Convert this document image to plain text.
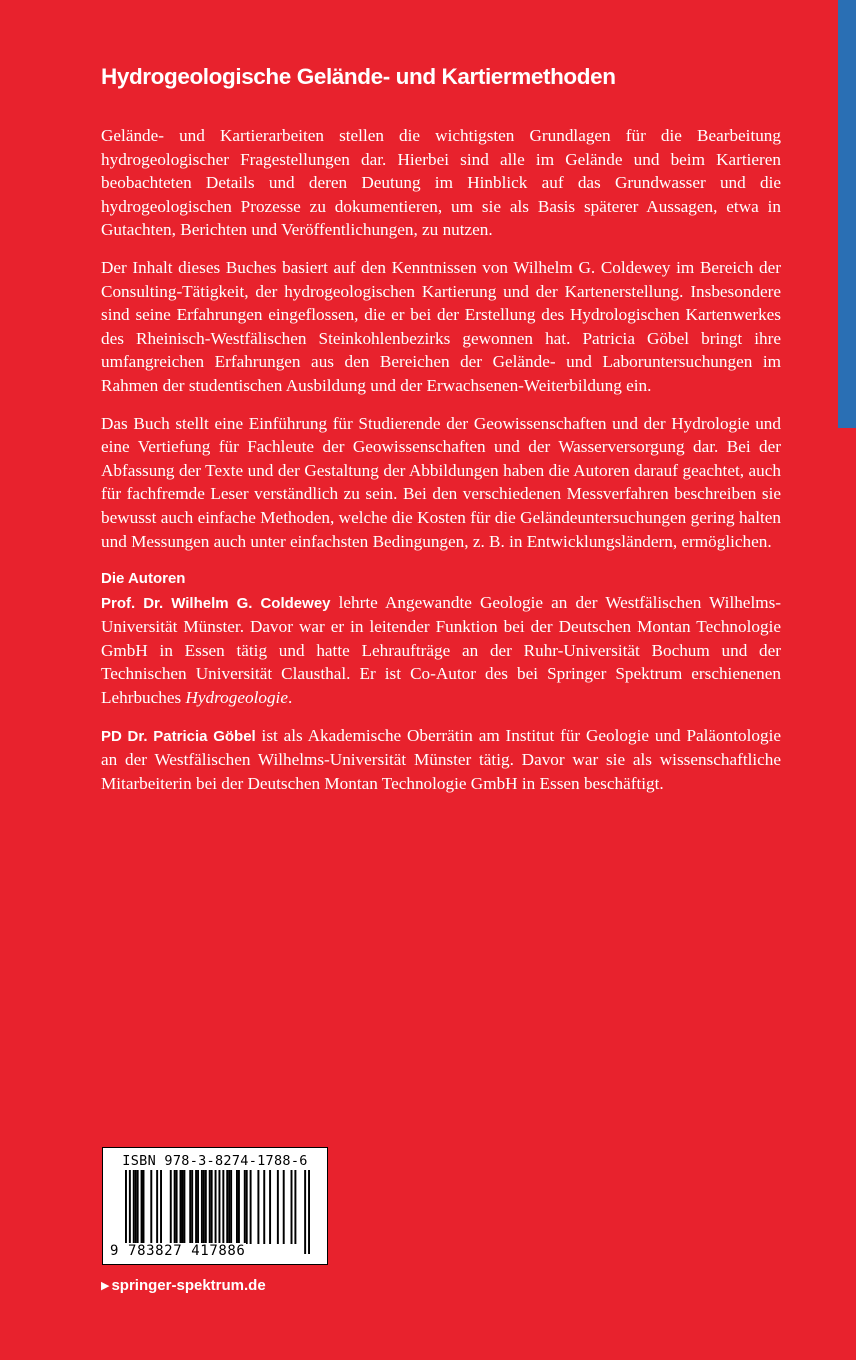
Hydrogeologische Gelände- und Kartiermethoden

Gelände- und Kartierarbeiten stellen die wichtigsten Grundlagen für die Bearbeitung hydrogeologischer Fragestellungen dar. Hierbei sind alle im Gelände und beim Kartieren beobachteten Details und deren Deutung im Hinblick auf das Grundwasser und die hydrogeologischen Prozesse zu dokumentieren, um sie als Basis späterer Aussagen, etwa in Gutachten, Berichten und Veröffentlichungen, zu nutzen.

Der Inhalt dieses Buches basiert auf den Kenntnissen von Wilhelm G. Coldewey im Bereich der Consulting-Tätigkeit, der hydrogeologischen Kartierung und der Kartenerstellung. Insbesondere sind seine Erfahrungen eingeflossen, die er bei der Erstellung des Hydrologischen Kartenwerkes des Rheinisch-Westfälischen Steinkohlenbezirks gewonnen hat. Patricia Göbel bringt ihre umfangreichen Erfahrungen aus den Bereichen der Gelände- und Laboruntersuchungen im Rahmen der studentischen Ausbildung und der Erwachsenen-Weiterbildung ein.

Das Buch stellt eine Einführung für Studierende der Geowissenschaften und der Hydrologie und eine Vertiefung für Fachleute der Geowissenschaften und der Wasserversorgung dar. Bei der Abfassung der Texte und der Gestaltung der Abbildungen haben die Autoren darauf geachtet, auch für fachfremde Leser verständlich zu sein. Bei den verschiedenen Messverfahren beschreiben sie bewusst auch einfache Methoden, welche die Kosten für die Geländeuntersuchungen gering halten und Messungen auch unter einfachsten Bedingungen, z. B. in Entwicklungsländern, ermöglichen.

Die Autoren

Prof. Dr. Wilhelm G. Coldewey lehrte Angewandte Geologie an der Westfälischen Wilhelms-Universität Münster. Davor war er in leitender Funktion bei der Deutschen Montan Technologie GmbH in Essen tätig und hatte Lehraufträge an der Ruhr-Universität Bochum und der Technischen Universität Clausthal. Er ist Co-Autor des bei Springer Spektrum erschienenen Lehrbuches Hydrogeologie.

PD Dr. Patricia Göbel ist als Akademische Oberrätin am Institut für Geologie und Paläontologie an der Westfälischen Wilhelms-Universität Münster tätig. Davor war sie als wissenschaftliche Mitarbeiterin bei der Deutschen Montan Technologie GmbH in Essen beschäftigt.

ISBN 978-3-8274-1788-6
9 783827 417886
▶ springer-spektrum.de
